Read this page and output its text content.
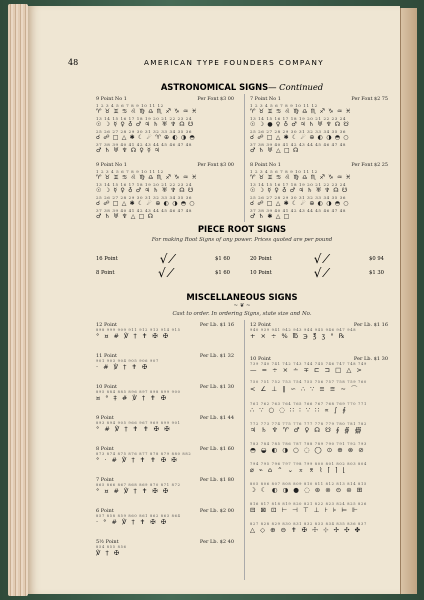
48	AMERICAN TYPE FOUNDERS COMPANY
ASTRONOMICAL SIGNS— Continued
9 Point No 1	Per Font $3 00
1 2 3 4 5 6 7 8 9 10 11 12
♈ ♉ ♊ ♋ ♌ ♍ ♎ ♏ ♐ ♑ ♒ ♓
13 14 15 16 17 18 19 20 21 22 23 24
☉ ☽ ☿ ♀ ♁ ♂ ♃ ♄ ♅ ♆ ☊ ☋
25 26 27 28 29 30 31 32 33 34 35 36
☌ ☍ □ △ ✱ ☾ ☄ ♈ ⊕ ◐ ◑ ◓
37 38 39 40 41 42 43 44 45 46 47 48
♂ ♄ ♅ ♆ ☊ ♀ ☿ ♃
7 Point No 1	Per Font $2 75
1 2 3 4 5 6 7 8 9 10 11 12
♈ ♉ ♊ ♋ ♌ ♍ ♎ ♏ ♐ ♑ ♒ ♓
13 14 15 16 17 18 19 20 21 22 23 24
☉ ☽ ● ♀ ♁ ♂ ♃ ♄ ♅ ♆ ☊ ☋
25 26 27 28 29 30 31 32 33 34 35 36
☌ ☍ □ △ ✱ ☾ ☄ ⊕ ◐ ◑ ◓ ○
37 38 39 40 41 42 43 44 45 46 47 48
♂ ♄ ♅ △ □ ☊
9 Point No 1	Per Font $3 00
1 2 3 4 5 6 7 8 9 10 11 12
♈ ♉ ♊ ♋ ♌ ♍ ♎ ♏ ♐ ♑ ♒ ♓
13 14 15 16 17 18 19 20 21 22 23 24
☉ ☽ ☿ ♀ ♁ ♂ ♃ ♄ ♅ ♆ ☊ ☋
25 26 27 28 29 30 31 32 33 34 35 36
☌ ☍ □ △ ✱ ☾ ☄ ⊕ ◐ ◑ ◓ ○
37 38 39 40 41 42 43 44 45 46 47 48
♂ ♄ ♅ ♆ △ □ ☊
8 Point No 1	Per Font $2 25
1 2 3 4 5 6 7 8 9 10 11 12
♈ ♉ ♊ ♋ ♌ ♍ ♎ ♏ ♐ ♑ ♒ ♓
13 14 15 16 17 18 19 20 21 22 23 24
☉ ☽ ☿ ♀ ♁ ♂ ♃ ♄ ♅ ♆ ☊ ☋
25 26 27 28 29 30 31 32 33 34 35 36
☌ ☍ □ △ ✱ ☾ ☄ ⊕ ◐ ◑ ◓ ○
37 38 39 40 41 42 43 44 45 46 47 48
♂ ♄ ✱ △ □
PIECE ROOT SIGNS
For making Root Signs of any power. Prices quoted are per pound
16 Point	√ ⁄	$1 60	20 Point	√ ⁄	$0 94
8 Point	√ ⁄	$1 60	10 Point	√ ⁄	$1 30
MISCELLANEOUS SIGNS
~ ❦ ~
Cast to order. In ordering Signs, state size and No.
12 Point	Per Lb. $1 16
898 999 909 911 912 913 914 915
° ¤ # ℣ † ✝ ✠ ✠
11 Point	Per Lb. $1 32
901 903 904 905 906 907
· # ℣ † ✝ ✠
10 Point	Per Lb. $1 30
895 884 885 896 897 898 899 900
¤ ° ‡ # ℣ † ✝ ✠
9 Point	Per Lb. $1 44
893 894 905 966 967 969 899 901
° # ℣ † ✝ ✝ ✠ ✠
8 Point	Per Lb. $1 60
873 874 875 876 877 878 879 880 882
° · # ℣ † ✝ ✝ ✠ ✠
7 Point	Per Lb. $1 80
865 866 867 868 869 870 871 872
° ¤ # ℣ † ✝ ✠ ✠
6 Point	Per Lb. $2 00
857 858 859 860 861 862 863 864
· ° # ℣ † ✝ ✠ ✠
5½ Point	Per Lb. $2 40
854 855 856
℣ † ✠
12 Point	Per Lb. $1 16
940 939 941 942 943 944 945 946 947 948
+ × ÷ % ℔ ℈ ℥ ʒ ° ℞
10 Point	Per Lb. $1 30
739 740 741 742 743 744 745 746 747 748 749
— = ÷ × ∸ ∓ ⊏ ⊐ □ △ >
750 751 752 753 754 755 756 757 758 759 760
< ∠ ⊥ ∥ ∽ ∴ ∵ ≡ ≅ ∼ ⌒
761 762 763 764 765 766 767 768 769 770 771
∴ ∵ ○ ◌ ∷ ∶ ∵ ∷ ∝ ∫ ∮
772 773 774 775 776 777 778 779 780 781 782
♃ ♄ ♆ ♈ ♂ ♀ ☊ ☋ ∮ ∯ ∰
783 784 785 786 787 788 789 790 791 792 793
◓ ◒ ◐ ◑ ○ ◌ ◯ ⊙ ⊕ ⊗ ⊘
794 795 796 797 798 799 800 801 802 803 804
⌀ ⌁ ⌂ ⌃ ⌄ ⌅ ⌆ ⌇ ⌈ ⌉ ⌊
805 806 807 808 809 810 811 812 813 814 815
☽ ☾ ◐ ◑ ● ◌ ⊛ ⊚ ⊝ ⊜ ⊞
816 817 818 819 820 821 822 823 824 825 826
⊟ ⊠ ⊡ ⊢ ⊣ ⊤ ⊥ ⊦ ⊧ ⊨ ⊩
827 828 829 830 831 832 833 834 835 836 837
△ ◇ ⊕ ⊖ ✝ ✠ ☩ ⊹ ✢ ✣ ✤
